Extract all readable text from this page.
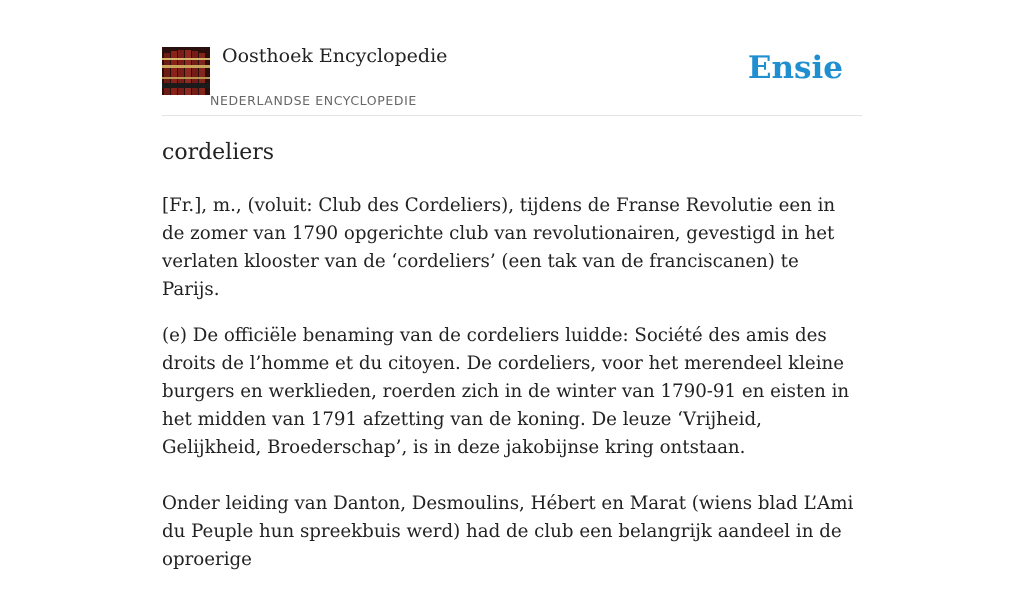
Oosthoek Encyclopedie
NEDERLANDSE ENCYCLOPEDIE
Ensie
cordeliers

[Fr.], m., (voluit: Club des Cordeliers), tijdens de Franse Revolutie een in de zomer van 1790 opgerichte club van revolutionairen, gevestigd in het verlaten klooster van de ‘cordeliers’ (een tak van de franciscanen) te Parijs.

(e) De officiële benaming van de cordeliers luidde: Société des amis des droits de l’homme et du citoyen. De cordeliers, voor het merendeel kleine burgers en werklieden, roerden zich in de winter van 1790-91 en eisten in het midden van 1791 afzetting van de koning. De leuze ‘Vrijheid, Gelijkheid, Broederschap’, is in deze jakobijnse kring ontstaan.

Onder leiding van Danton, Desmoulins, Hébert en Marat (wiens blad L’Ami du Peuple hun spreekbuis werd) had de club een belangrijk aandeel in de oproerige
